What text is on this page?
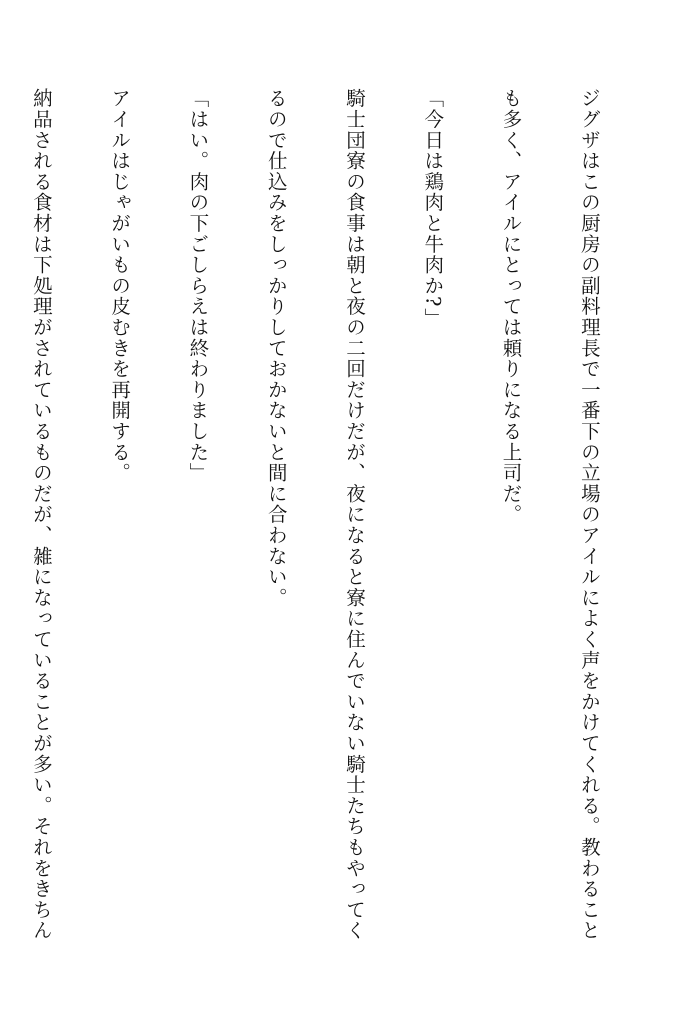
ジグザはこの厨房の副料理長で一番下の立場のアイルによく声をかけてくれる。教わること

も多く、アイルにとっては頼りになる上司だ。

「今日は鶏肉と牛肉か?」

騎士団寮の食事は朝と夜の二回だけだが、夜になると寮に住んでいない騎士たちもやってく

るので仕込みをしっかりしておかないと間に合わない。

「はい。肉の下ごしらえは終わりました」

アイルはじゃがいもの皮むきを再開する。

納品される食材は下処理がされているものだが、雑になっていることが多い。それをきちん
